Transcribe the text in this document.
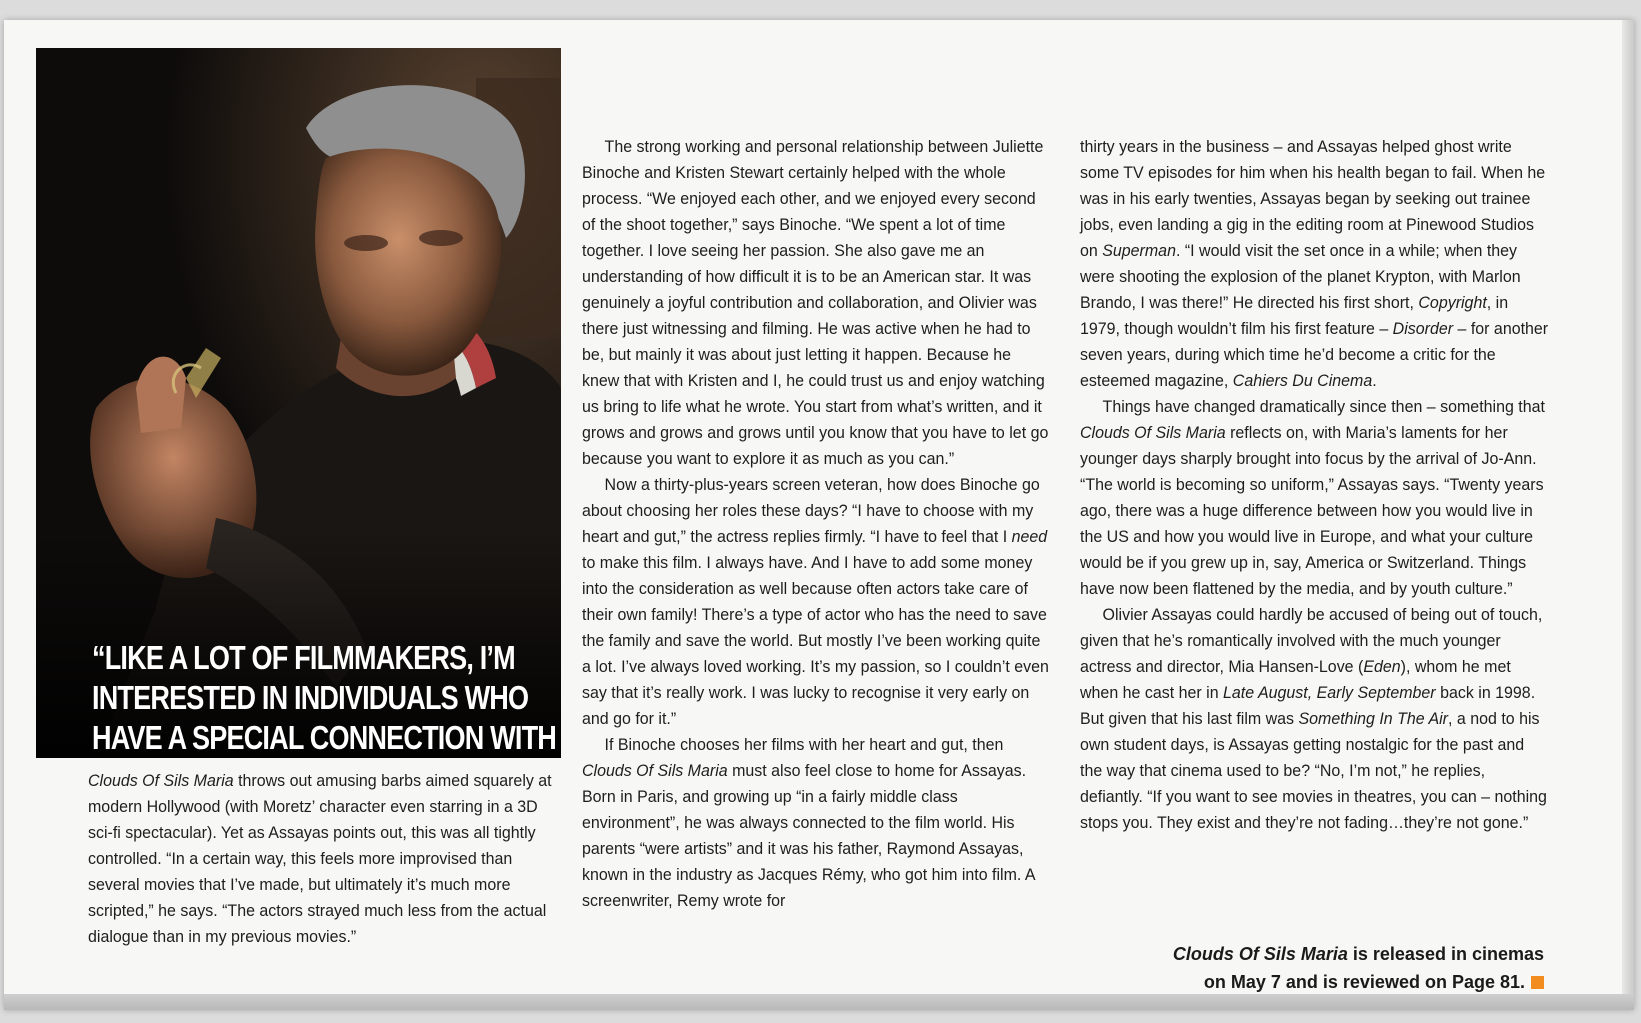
“LIKE A LOT OF FILMMAKERS, I’M INTERESTED IN INDIVIDUALS WHO HAVE A SPECIAL CONNECTION WITH

Clouds Of Sils Maria throws out amusing barbs aimed squarely at modern Hollywood (with Moretz’ character even starring in a 3D sci-fi spectacular). Yet as Assayas points out, this was all tightly controlled. “In a certain way, this feels more improvised than several movies that I’ve made, but ultimately it’s much more scripted,” he says. “The actors strayed much less from the actual dialogue than in my previous movies.”

The strong working and personal relationship between Juliette Binoche and Kristen Stewart certainly helped with the whole process. “We enjoyed each other, and we enjoyed every second of the shoot together,” says Binoche. “We spent a lot of time together. I love seeing her passion. She also gave me an understanding of how difficult it is to be an American star. It was genuinely a joyful contribution and collaboration, and Olivier was there just witnessing and filming. He was active when he had to be, but mainly it was about just letting it happen. Because he knew that with Kristen and I, he could trust us and enjoy watching us bring to life what he wrote. You start from what’s written, and it grows and grows and grows until you know that you have to let go because you want to explore it as much as you can.”

Now a thirty-plus-years screen veteran, how does Binoche go about choosing her roles these days? “I have to choose with my heart and gut,” the actress replies firmly. “I have to feel that I need to make this film. I always have. And I have to add some money into the consideration as well because often actors take care of their own family! There’s a type of actor who has the need to save the family and save the world. But mostly I’ve been working quite a lot. I’ve always loved working. It’s my passion, so I couldn’t even say that it’s really work. I was lucky to recognise it very early on and go for it.”

If Binoche chooses her films with her heart and gut, then Clouds Of Sils Maria must also feel close to home for Assayas. Born in Paris, and growing up “in a fairly middle class environment”, he was always connected to the film world. His parents “were artists” and it was his father, Raymond Assayas, known in the industry as Jacques Rémy, who got him into film. A screenwriter, Remy wrote for

thirty years in the business – and Assayas helped ghost write some TV episodes for him when his health began to fail. When he was in his early twenties, Assayas began by seeking out trainee jobs, even landing a gig in the editing room at Pinewood Studios on Superman. “I would visit the set once in a while; when they were shooting the explosion of the planet Krypton, with Marlon Brando, I was there!” He directed his first short, Copyright, in 1979, though wouldn’t film his first feature – Disorder – for another seven years, during which time he’d become a critic for the esteemed magazine, Cahiers Du Cinema.

Things have changed dramatically since then – something that Clouds Of Sils Maria reflects on, with Maria’s laments for her younger days sharply brought into focus by the arrival of Jo-Ann. “The world is becoming so uniform,” Assayas says. “Twenty years ago, there was a huge difference between how you would live in the US and how you would live in Europe, and what your culture would be if you grew up in, say, America or Switzerland. Things have now been flattened by the media, and by youth culture.”

Olivier Assayas could hardly be accused of being out of touch, given that he’s romantically involved with the much younger actress and director, Mia Hansen-Love (Eden), whom he met when he cast her in Late August, Early September back in 1998. But given that his last film was Something In The Air, a nod to his own student days, is Assayas getting nostalgic for the past and the way that cinema used to be? “No, I’m not,” he replies, defiantly. “If you want to see movies in theatres, you can – nothing stops you. They exist and they’re not fading…they’re not gone.”

Clouds Of Sils Maria is released in cinemas
on May 7 and is reviewed on Page 81.
